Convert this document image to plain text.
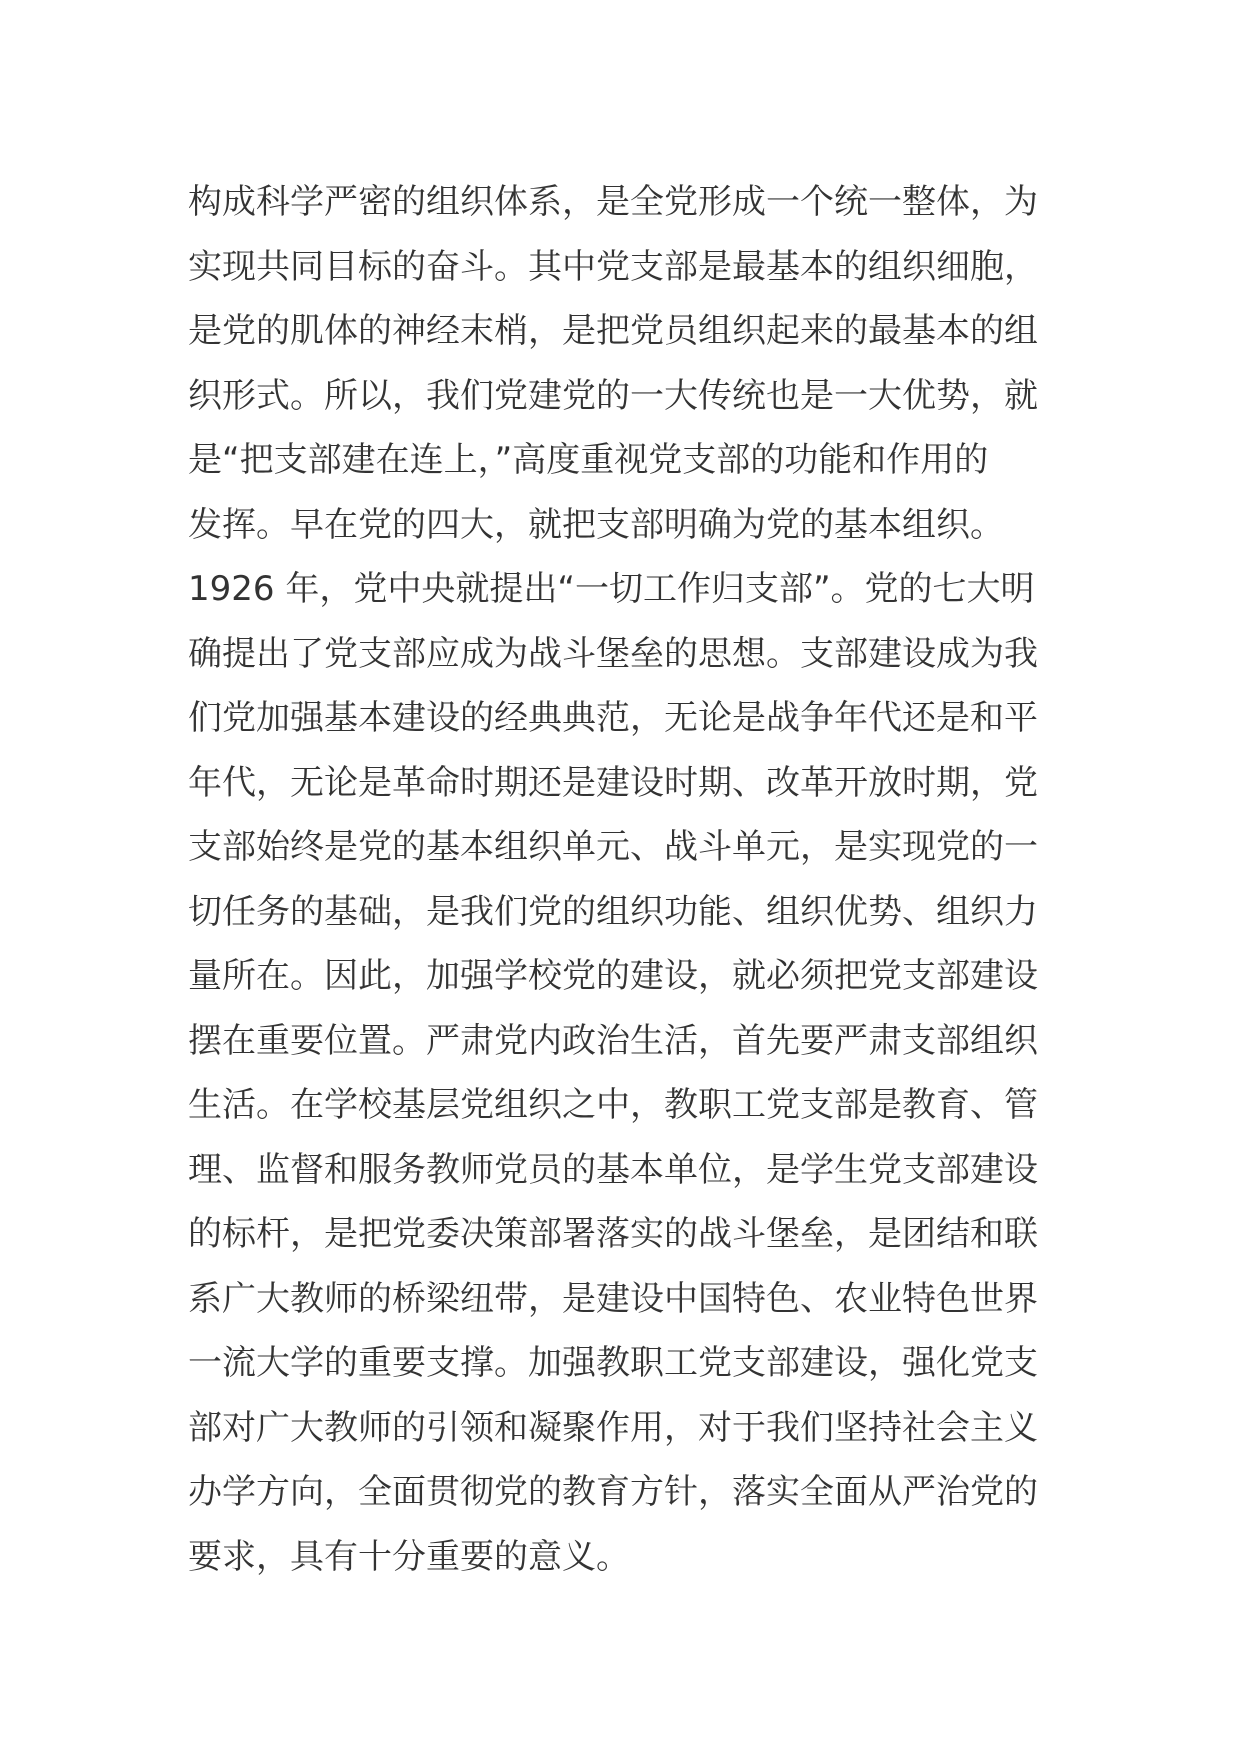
构成科学严密的组织体系，是全党形成一个统一整体，为
实现共同目标的奋斗。其中党支部是最基本的组织细胞，
是党的肌体的神经末梢，是把党员组织起来的最基本的组
织形式。所以，我们党建党的一大传统也是一大优势，就
是“把支部建在连上，”高度重视党支部的功能和作用的
发挥。早在党的四大，就把支部明确为党的基本组织。
1926 年，党中央就提出“一切工作归支部”。党的七大明
确提出了党支部应成为战斗堡垒的思想。支部建设成为我
们党加强基本建设的经典典范，无论是战争年代还是和平
年代，无论是革命时期还是建设时期、改革开放时期，党
支部始终是党的基本组织单元、战斗单元，是实现党的一
切任务的基础，是我们党的组织功能、组织优势、组织力
量所在。因此，加强学校党的建设，就必须把党支部建设
摆在重要位置。严肃党内政治生活，首先要严肃支部组织
生活。在学校基层党组织之中，教职工党支部是教育、管
理、监督和服务教师党员的基本单位，是学生党支部建设
的标杆，是把党委决策部署落实的战斗堡垒，是团结和联
系广大教师的桥梁纽带，是建设中国特色、农业特色世界
一流大学的重要支撑。加强教职工党支部建设，强化党支
部对广大教师的引领和凝聚作用，对于我们坚持社会主义
办学方向，全面贯彻党的教育方针，落实全面从严治党的
要求，具有十分重要的意义。
